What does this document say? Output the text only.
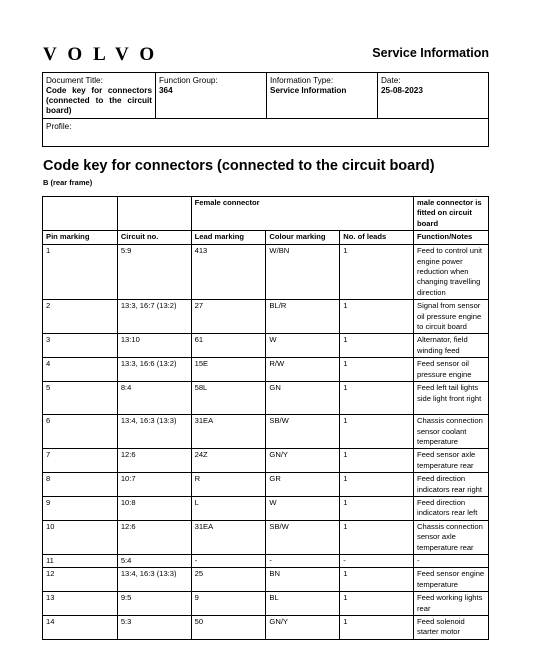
VOLVO	Service Information
Document Title:
Code key for connectors (connected to the circuit board)
Function Group:
364
Information Type:
Service Information
Date:
25-08-2023
Profile:
Code key for connectors (connected to the circuit board)
B (rear frame)
		Female connector			male connector is fitted on circuit board
Pin marking	Circuit no.	Lead marking	Colour marking	No. of leads	Function/Notes
1	5:9	413	W/BN	1	Feed to control unit engine power reduction when changing travelling direction
2	13:3, 16:7 (13:2)	27	BL/R	1	Signal from sensor oil pressure engine to circuit board
3	13:10	61	W	1	Alternator, field winding feed
4	13:3, 16:6 (13:2)	15E	R/W	1	Feed sensor oil pressure engine
5	8:4	58L	GN	1	Feed left tail lights side light front right
6	13:4, 16:3 (13:3)	31EA	SB/W	1	Chassis connection sensor coolant temperature
7	12:6	24Z	GN/Y	1	Feed sensor axle temperature rear
8	10:7	R	GR	1	Feed direction indicators rear right
9	10:8	L	W	1	Feed direction indicators rear left
10	12:6	31EA	SB/W	1	Chassis connection sensor axle temperature rear
11	5:4	-	-	-	-
12	13:4, 16:3 (13:3)	25	BN	1	Feed sensor engine temperature
13	9:5	9	BL	1	Feed working lights rear
14	5:3	50	GN/Y	1	Feed solenoid starter motor
